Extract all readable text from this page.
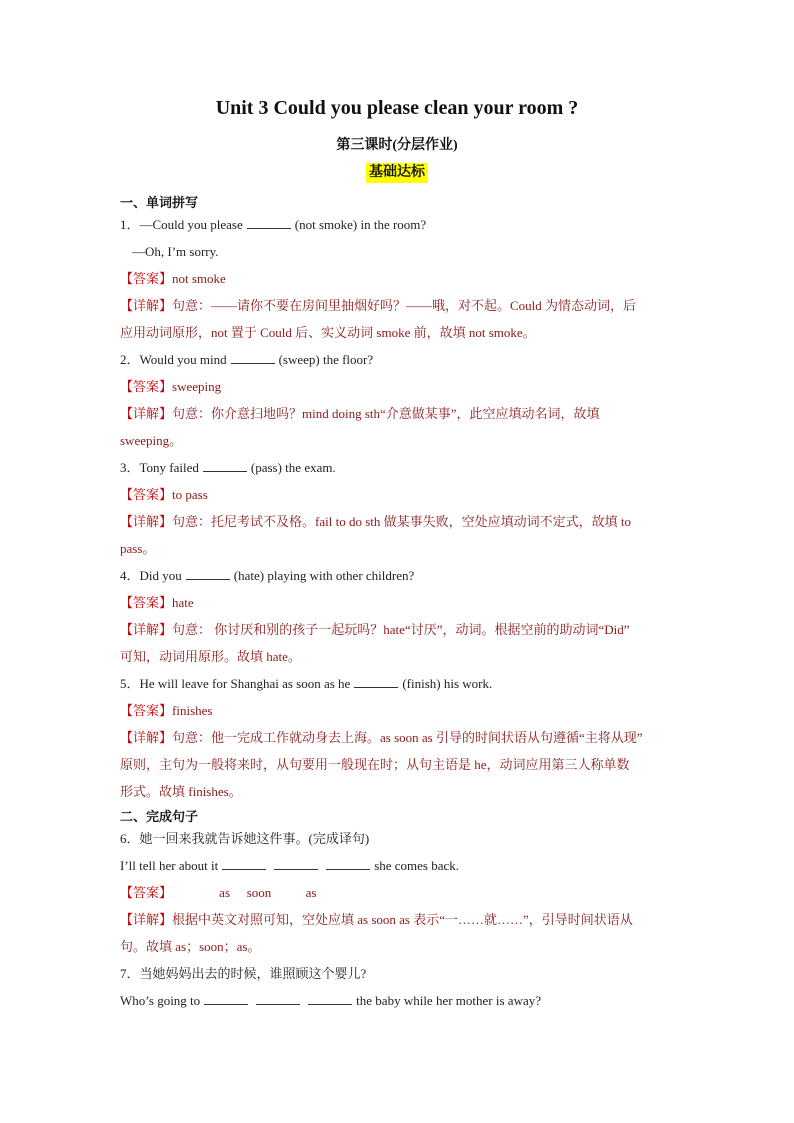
Unit 3 Could you please clean your room ?
第三课时(分层作业)
基础达标
一、单词拼写
1．—Could you please	(not smoke) in the room?
—Oh, I’m sorry.
【答案】not smoke
【详解】句意：——请你不要在房间里抽烟好吗？——哦，对不起。Could 为情态动词，后
应用动词原形，not 置于 Could 后、实义动词 smoke 前，故填 not smoke。
2．Would you mind	(sweep) the floor?
【答案】sweeping
【详解】句意：你介意扫地吗？mind doing sth“介意做某事”，此空应填动名词，故填
sweeping。
3．Tony failed	(pass) the exam.
【答案】to pass
【详解】句意：托尼考试不及格。fail to do sth 做某事失败，空处应填动词不定式，故填 to
pass。
4．Did you	(hate) playing with other children?
【答案】hate
【详解】句意： 你讨厌和别的孩子一起玩吗？hate“讨厌”，动词。根据空前的助动词“Did”
可知，动词用原形。故填 hate。
5．He will leave for Shanghai as soon as he	(finish) his work.
【答案】finishes
【详解】句意：他一完成工作就动身去上海。as soon as 引导的时间状语从句遵循“主将从现”
原则，主句为一般将来时，从句要用一般现在时；从句主语是 he，动词应用第三人称单数
形式。故填 finishes。
二、完成句子
6．她一回来我就告诉她这件事。(完成译句)
I’ll tell her about it	she comes back.
【答案】	as soon	as
【详解】根据中英文对照可知，空处应填 as soon as 表示“一……就……”，引导时间状语从
句。故填 as；soon；as。
7．当她妈妈出去的时候，谁照顾这个婴儿?
Who’s going to	the baby while her mother is away?
